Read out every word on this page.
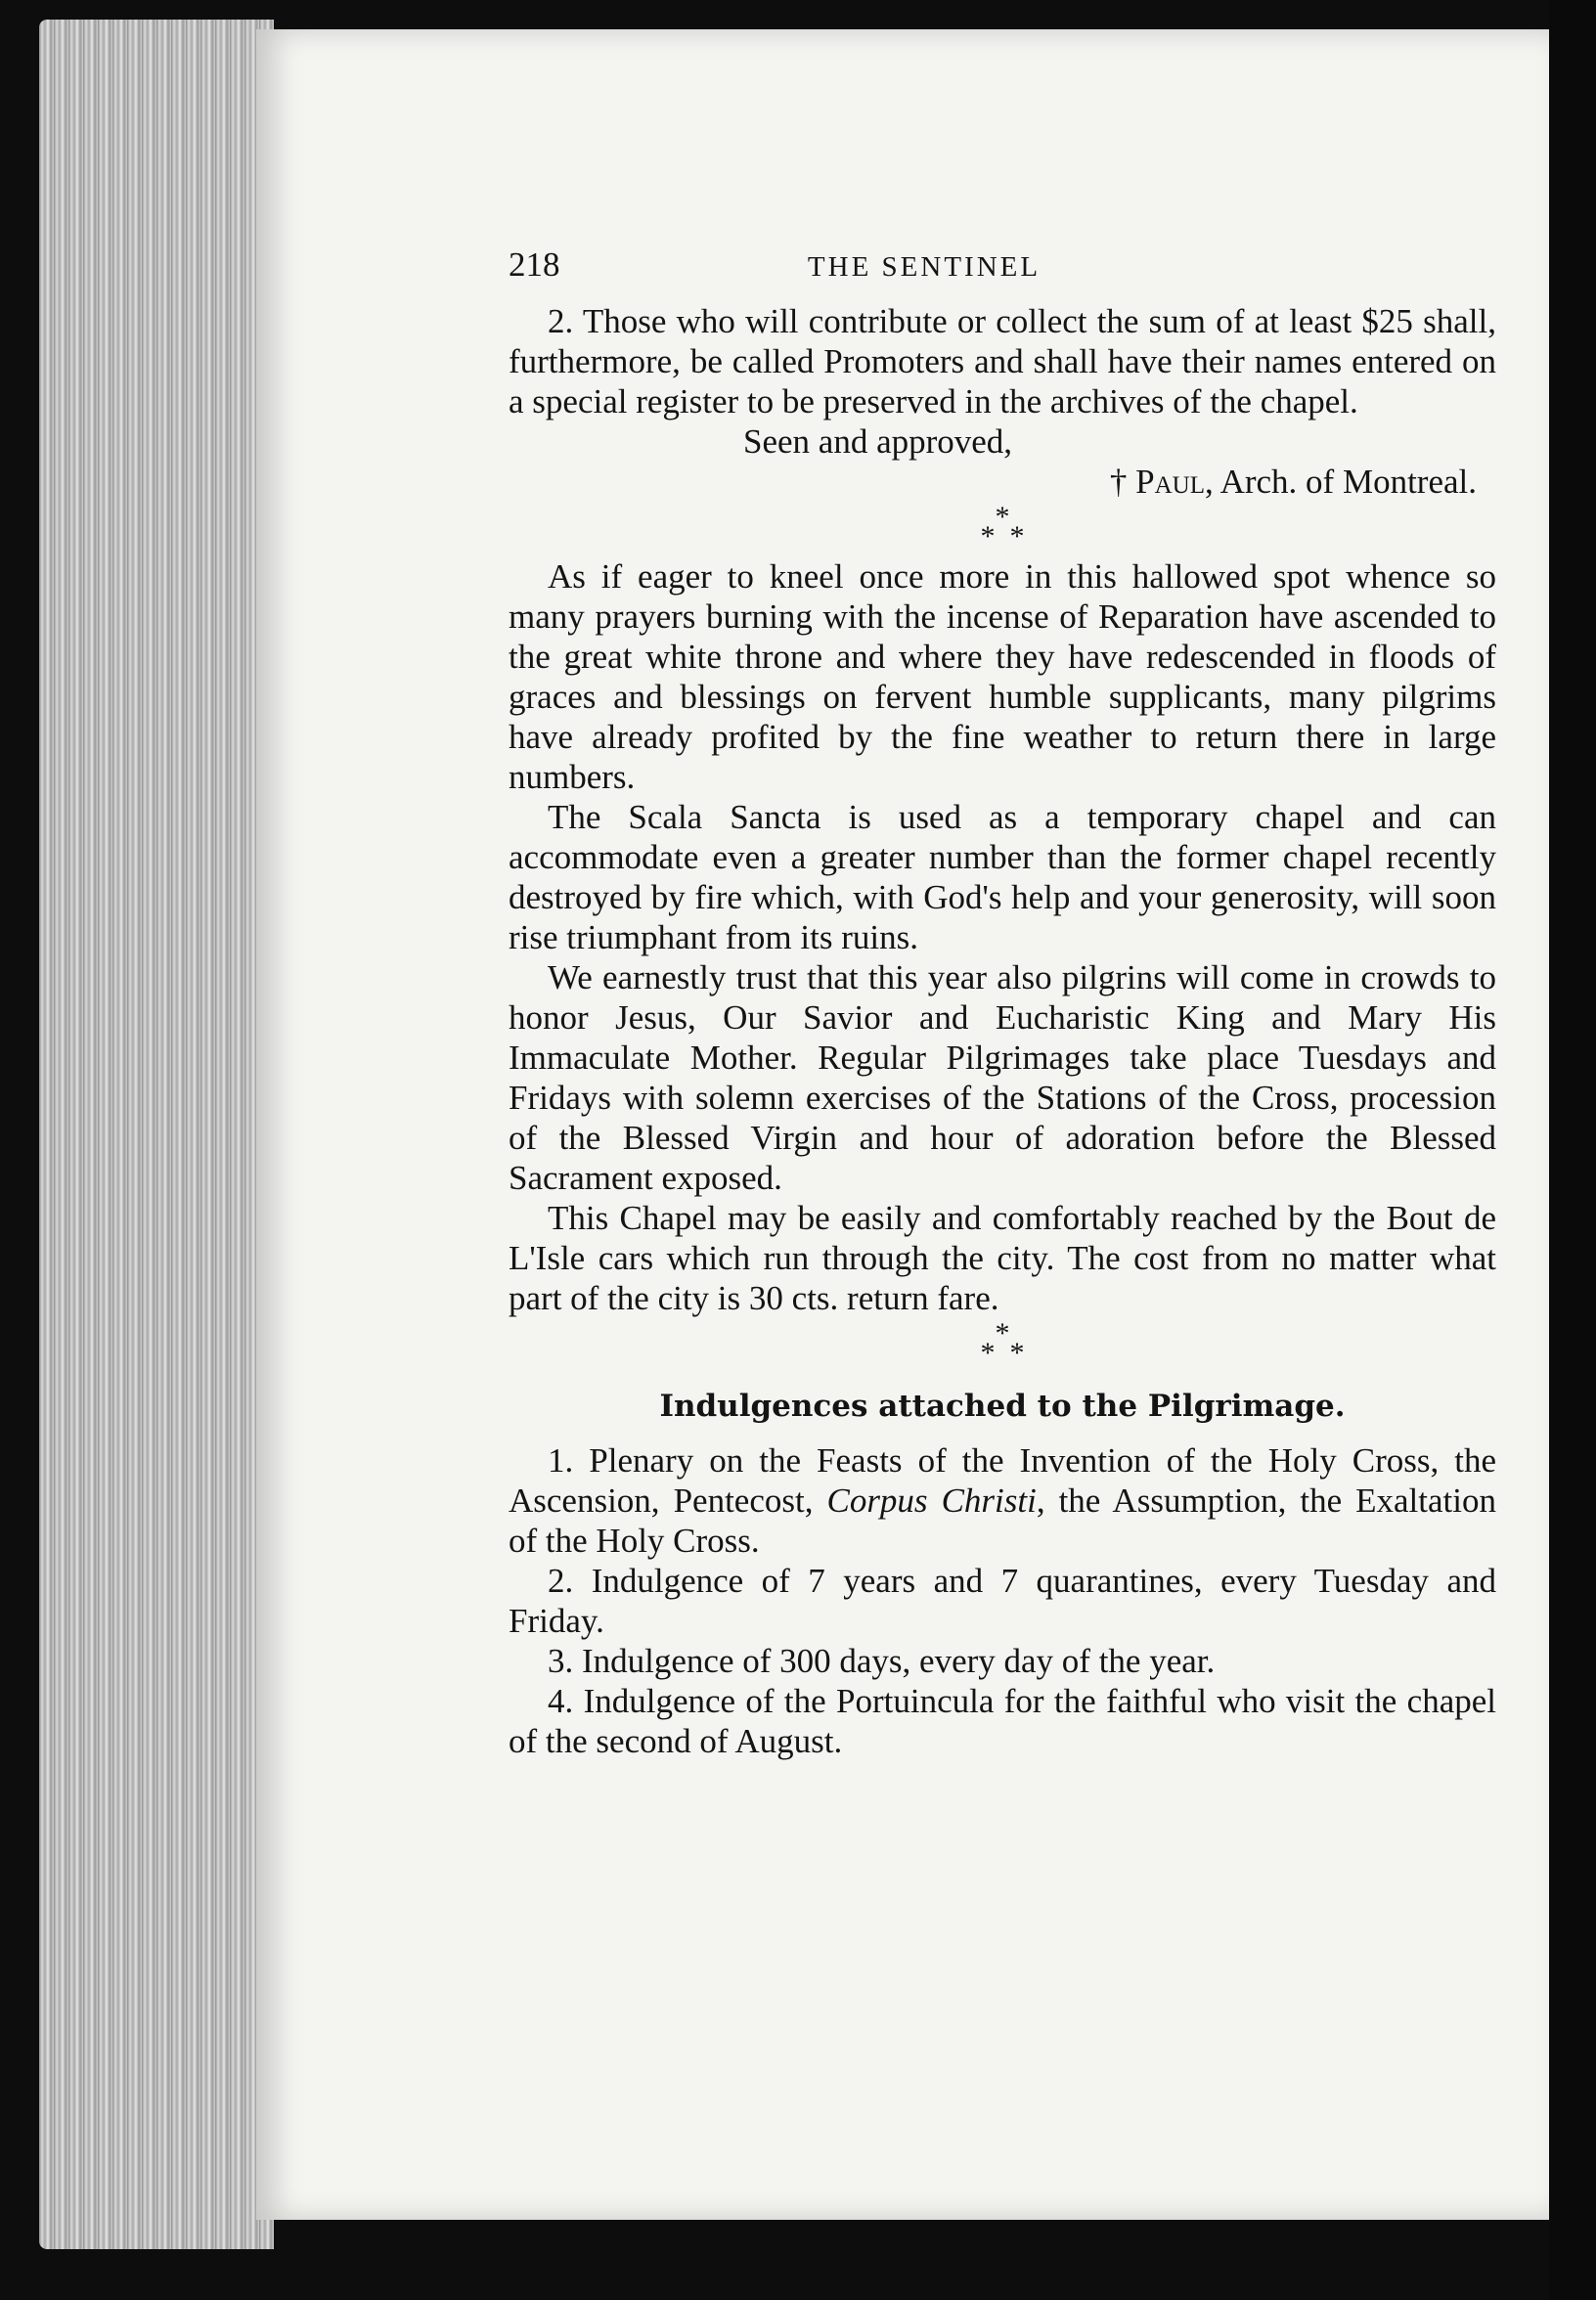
218	THE SENTINEL

2. Those who will contribute or collect the sum of at least $25 shall, furthermore, be called Promoters and shall have their names entered on a special register to be preserved in the archives of the chapel.

Seen and approved,

† Paul, Arch. of Montreal.

*
* *

As if eager to kneel once more in this hallowed spot whence so many prayers burning with the incense of Reparation have ascended to the great white throne and where they have redescended in floods of graces and blessings on fervent humble supplicants, many pilgrims have already profited by the fine weather to return there in large numbers.

The Scala Sancta is used as a temporary chapel and can accommodate even a greater number than the former chapel recently destroyed by fire which, with God's help and your generosity, will soon rise triumphant from its ruins.

We earnestly trust that this year also pilgrins will come in crowds to honor Jesus, Our Savior and Eucharistic King and Mary His Immaculate Mother. Regular Pilgrimages take place Tuesdays and Fridays with solemn exercises of the Stations of the Cross, procession of the Blessed Virgin and hour of adoration before the Blessed Sacrament exposed.

This Chapel may be easily and comfortably reached by the Bout de L'Isle cars which run through the city. The cost from no matter what part of the city is 30 cts. return fare.

*
* *
Indulgences attached to the Pilgrimage.

1. Plenary on the Feasts of the Invention of the Holy Cross, the Ascension, Pentecost, Corpus Christi, the Assumption, the Exaltation of the Holy Cross.

2. Indulgence of 7 years and 7 quarantines, every Tuesday and Friday.

3. Indulgence of 300 days, every day of the year.

4. Indulgence of the Portuincula for the faithful who visit the chapel of the second of August.
